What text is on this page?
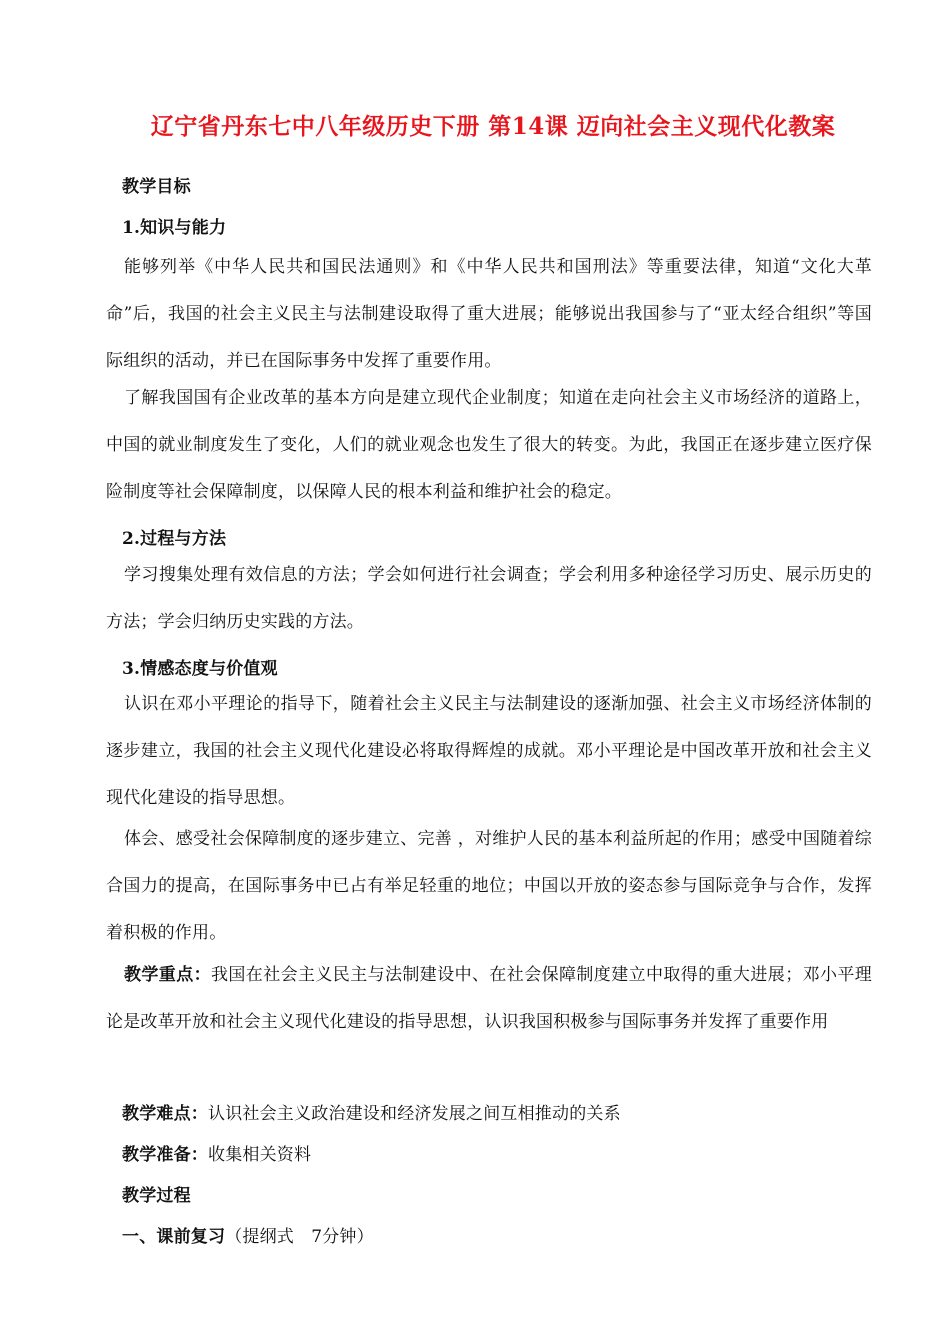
辽宁省丹东七中八年级历史下册 第14课 迈向社会主义现代化教案
教学目标
1.知识与能力
能够列举《中华人民共和国民法通则》和《中华人民共和国刑法》等重要法律，知道“文化大革命”后，我国的社会主义民主与法制建设取得了重大进展；能够说出我国参与了“亚太经合组织”等国际组织的活动，并已在国际事务中发挥了重要作用。
了解我国国有企业改革的基本方向是建立现代企业制度；知道在走向社会主义市场经济的道路上，中国的就业制度发生了变化，人们的就业观念也发生了很大的转变。为此，我国正在逐步建立医疗保险制度等社会保障制度，以保障人民的根本利益和维护社会的稳定。
2.过程与方法
学习搜集处理有效信息的方法；学会如何进行社会调查；学会利用多种途径学习历史、展示历史的方法；学会归纳历史实践的方法。
3.情感态度与价值观
认识在邓小平理论的指导下，随着社会主义民主与法制建设的逐渐加强、社会主义市场经济体制的逐步建立，我国的社会主义现代化建设必将取得辉煌的成就。邓小平理论是中国改革开放和社会主义现代化建设的指导思想。
体会、感受社会保障制度的逐步建立、完善 ，对维护人民的基本利益所起的作用；感受中国随着综合国力的提高，在国际事务中已占有举足轻重的地位；中国以开放的姿态参与国际竞争与合作，发挥着积极的作用。
教学重点：我国在社会主义民主与法制建设中、在社会保障制度建立中取得的重大进展；邓小平理论是改革开放和社会主义现代化建设的指导思想，认识我国积极参与国际事务并发挥了重要作用
教学难点：认识社会主义政治建设和经济发展之间互相推动的关系
教学准备：收集相关资料
教学过程
一、课前复习（提纲式　7分钟）
